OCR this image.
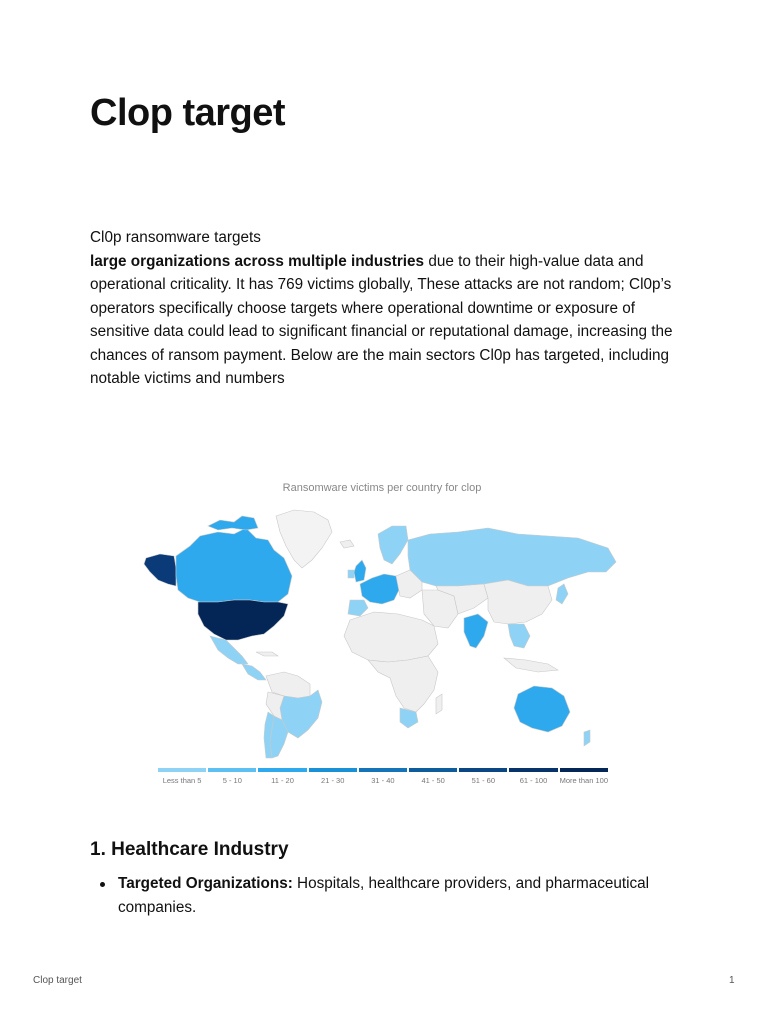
Clop target

Cl0p ransomware targets
large organizations across multiple industries due to their high-value data and operational criticality. It has 769 victims globally, These attacks are not random; Cl0p’s operators specifically choose targets where operational downtime or exposure of sensitive data could lead to significant financial or reputational damage, increasing the chances of ransom payment. Below are the main sectors Cl0p has targeted, including notable victims and numbers

Ransomware victims per country for clop
Less than 5	5 - 10	11 - 20	21 - 30	31 - 40	41 - 50	51 - 60	61 - 100	More than 100
1. Healthcare Industry
Targeted Organizations: Hospitals, healthcare providers, and pharmaceutical companies.
Clop target	1
